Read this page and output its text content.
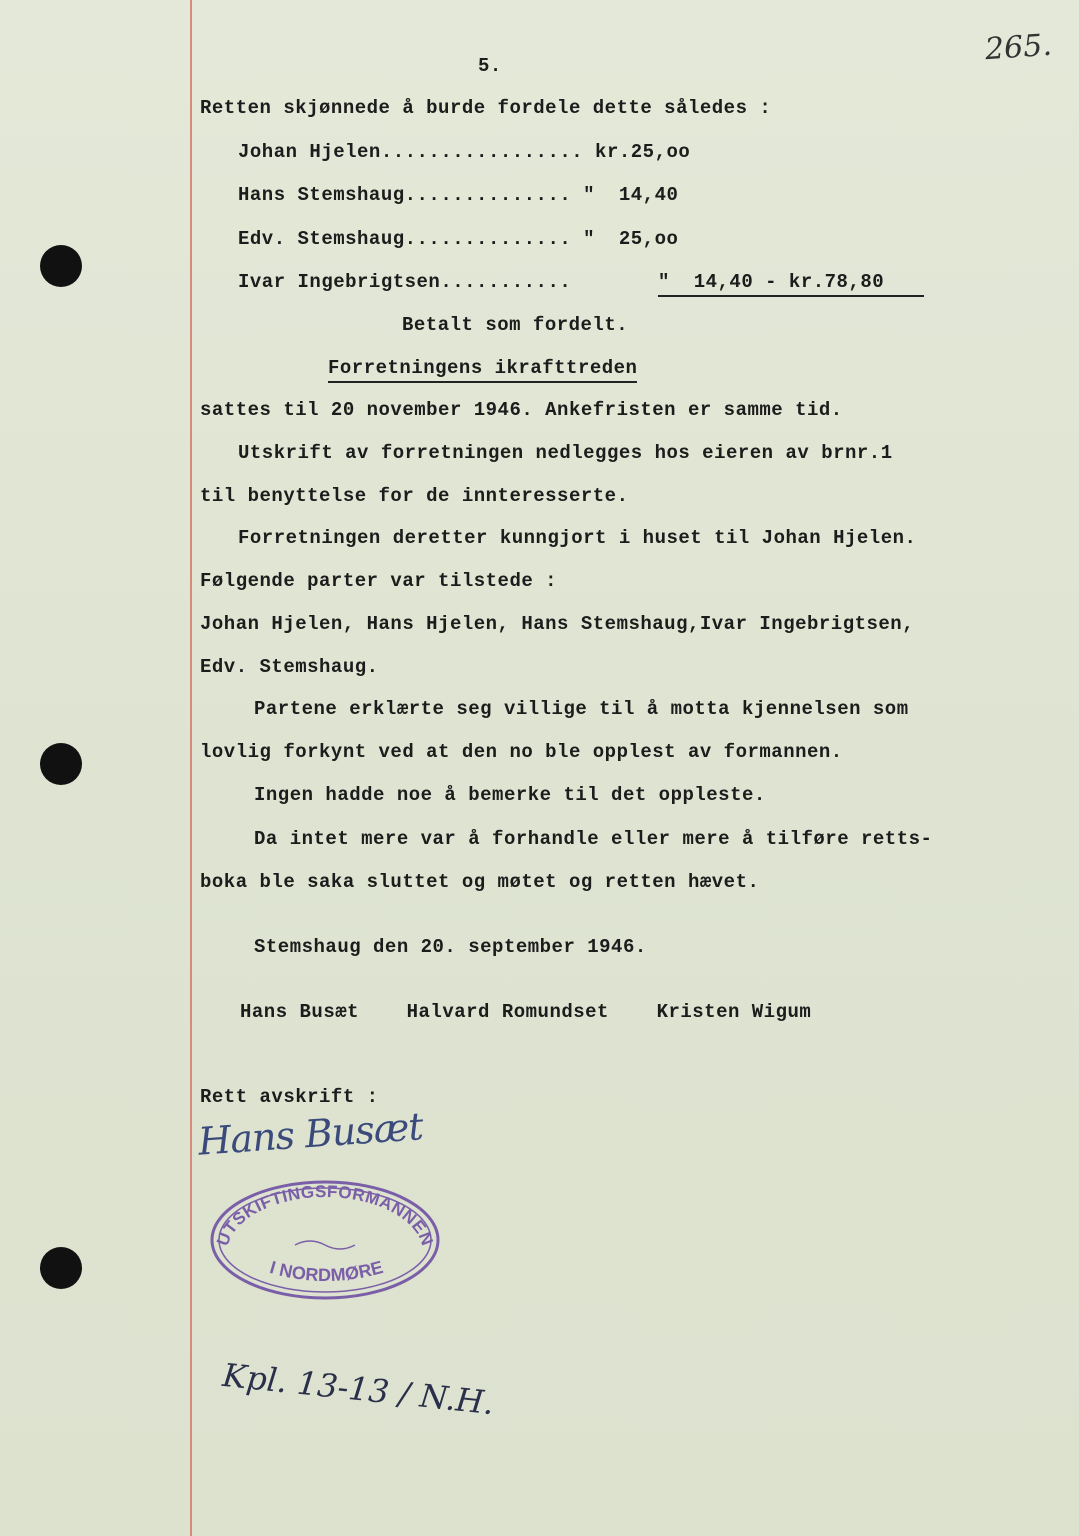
265.
5.
Retten skjønnede å burde fordele dette således :
Johan Hjelen................. kr.25,oo
Hans Stemshaug.............. "  14,40
Edv. Stemshaug.............. "  25,oo
Ivar Ingebrigtsen...........	"  14,40 - kr.78,80
Betalt som fordelt.
Forretningens ikrafttreden
sattes til 20 november 1946. Ankefristen er samme tid.
Utskrift av forretningen nedlegges hos eieren av brnr.1
til benyttelse for de innteresserte.
Forretningen deretter kunngjort i huset til Johan Hjelen.
Følgende parter var tilstede :
Johan Hjelen, Hans Hjelen, Hans Stemshaug,Ivar Ingebrigtsen,
Edv. Stemshaug.
Partene erklærte seg villige til å motta kjennelsen som
lovlig forkynt ved at den no ble opplest av formannen.
Ingen hadde noe å bemerke til det oppleste.
Da intet mere var å forhandle eller mere å tilføre retts-
boka ble saka sluttet og møtet og retten hævet.
Stemshaug den 20. september 1946.
Hans Busæt    Halvard Romundset    Kristen Wigum
Rett avskrift :
Hans Busæt
UTSKIFTINGSFORMANNEN
I NORDMØRE
Kpl. 13-13 / N.H.
